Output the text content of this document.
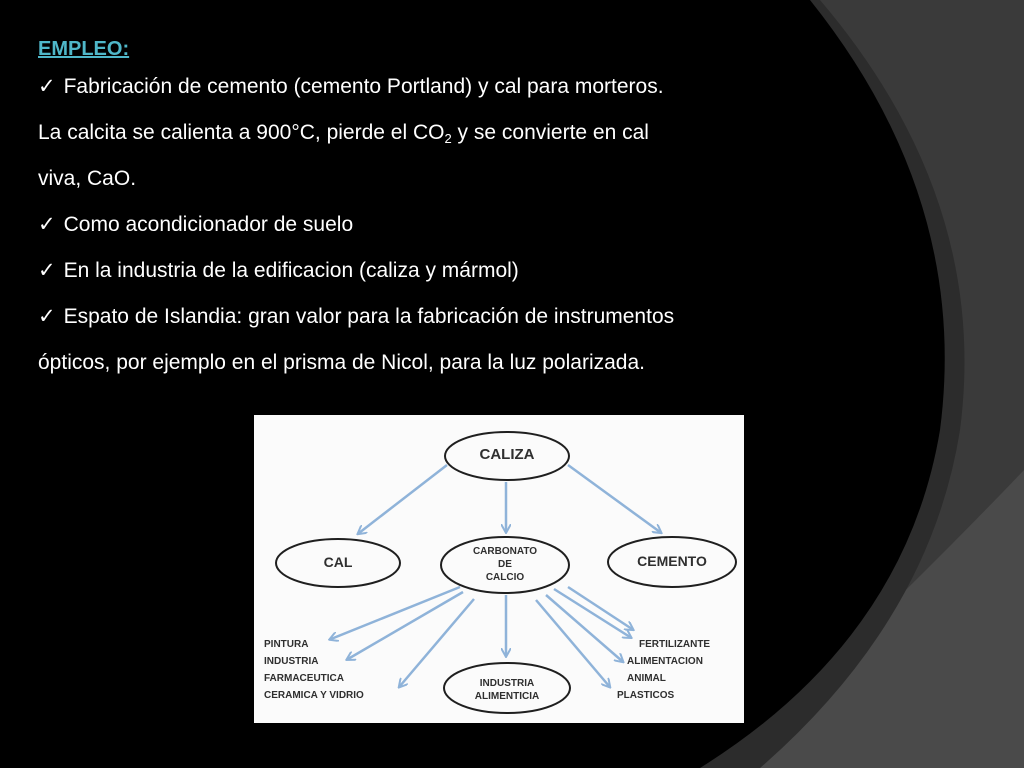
EMPLEO:
✓ Fabricación de cemento (cemento Portland) y cal para morteros.
La calcita se calienta a 900°C, pierde el $CO_2$ y se convierte en cal
viva, CaO.
✓ Como acondicionador de suelo
✓ En la industria de la edificacion (caliza y mármol)
✓ Espato de Islandia: gran valor para la fabricación de instrumentos
ópticos, por ejemplo en el prisma de Nicol, para la luz polarizada.
CALIZA
CAL
CARBONATO
DE
CALCIO
CEMENTO
INDUSTRIA
ALIMENTICIA
PINTURA
INDUSTRIA
FARMACEUTICA
CERAMICA Y VIDRIO
FERTILIZANTE
ALIMENTACION
ANIMAL
PLASTICOS
